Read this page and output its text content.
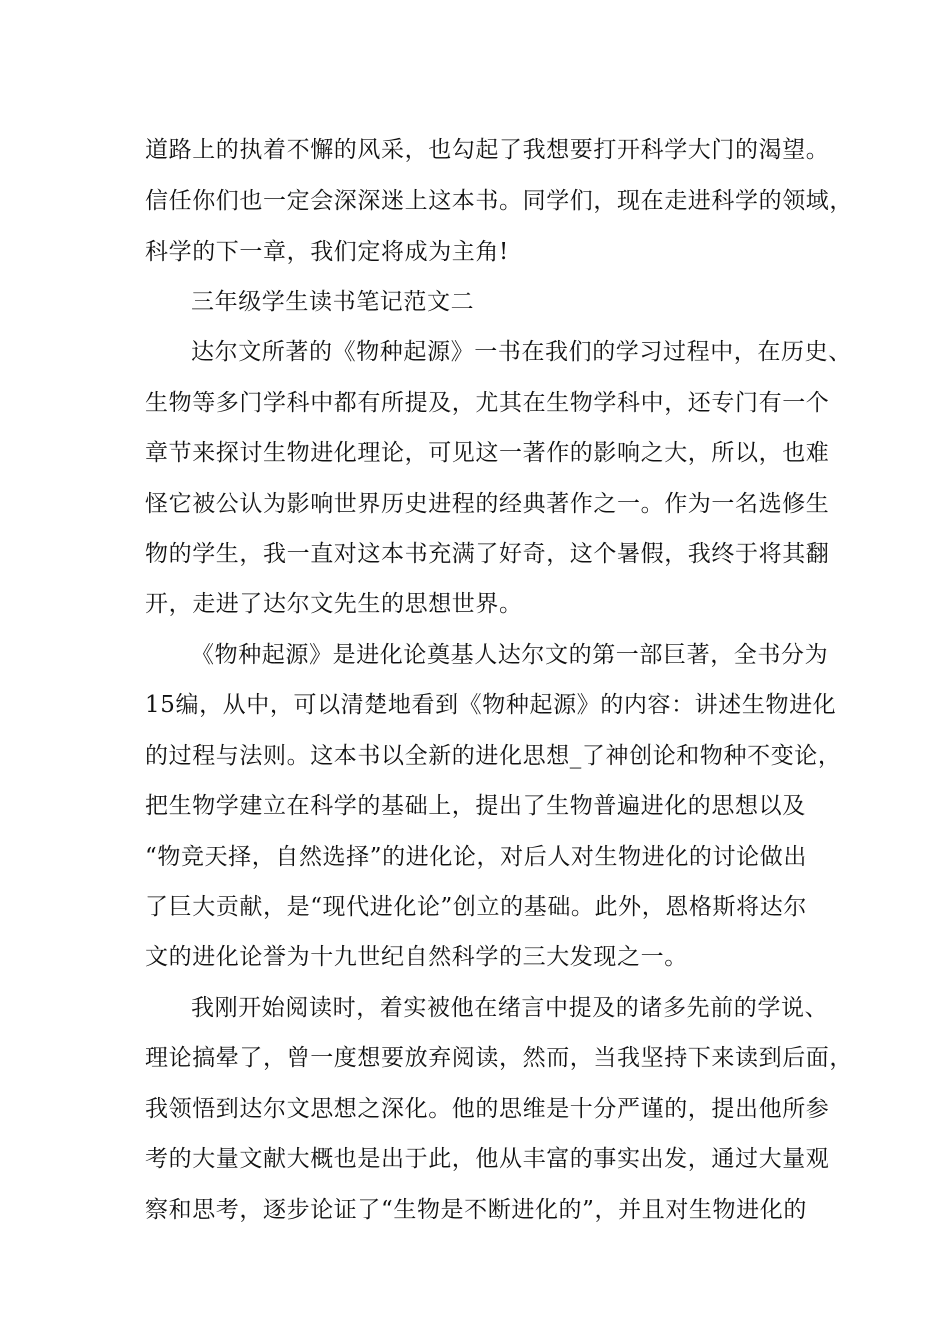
道路上的执着不懈的风采，也勾起了我想要打开科学大门的渴望。
信任你们也一定会深深迷上这本书。同学们，现在走进科学的领域，
科学的下一章，我们定将成为主角!
三年级学生读书笔记范文二
达尔文所著的《物种起源》一书在我们的学习过程中，在历史、
生物等多门学科中都有所提及，尤其在生物学科中，还专门有一个
章节来探讨生物进化理论，可见这一著作的影响之大，所以，也难
怪它被公认为影响世界历史进程的经典著作之一。作为一名选修生
物的学生，我一直对这本书充满了好奇，这个暑假，我终于将其翻
开，走进了达尔文先生的思想世界。
《物种起源》是进化论奠基人达尔文的第一部巨著，全书分为
15编，从中，可以清楚地看到《物种起源》的内容：讲述生物进化
的过程与法则。这本书以全新的进化思想_了神创论和物种不变论，
把生物学建立在科学的基础上，提出了生物普遍进化的思想以及
“物竞天择，自然选择”的进化论，对后人对生物进化的讨论做出
了巨大贡献，是“现代进化论”创立的基础。此外，恩格斯将达尔
文的进化论誉为十九世纪自然科学的三大发现之一。
我刚开始阅读时，着实被他在绪言中提及的诸多先前的学说、
理论搞晕了，曾一度想要放弃阅读，然而，当我坚持下来读到后面，
我领悟到达尔文思想之深化。他的思维是十分严谨的，提出他所参
考的大量文献大概也是出于此，他从丰富的事实出发，通过大量观
察和思考，逐步论证了“生物是不断进化的”，并且对生物进化的
